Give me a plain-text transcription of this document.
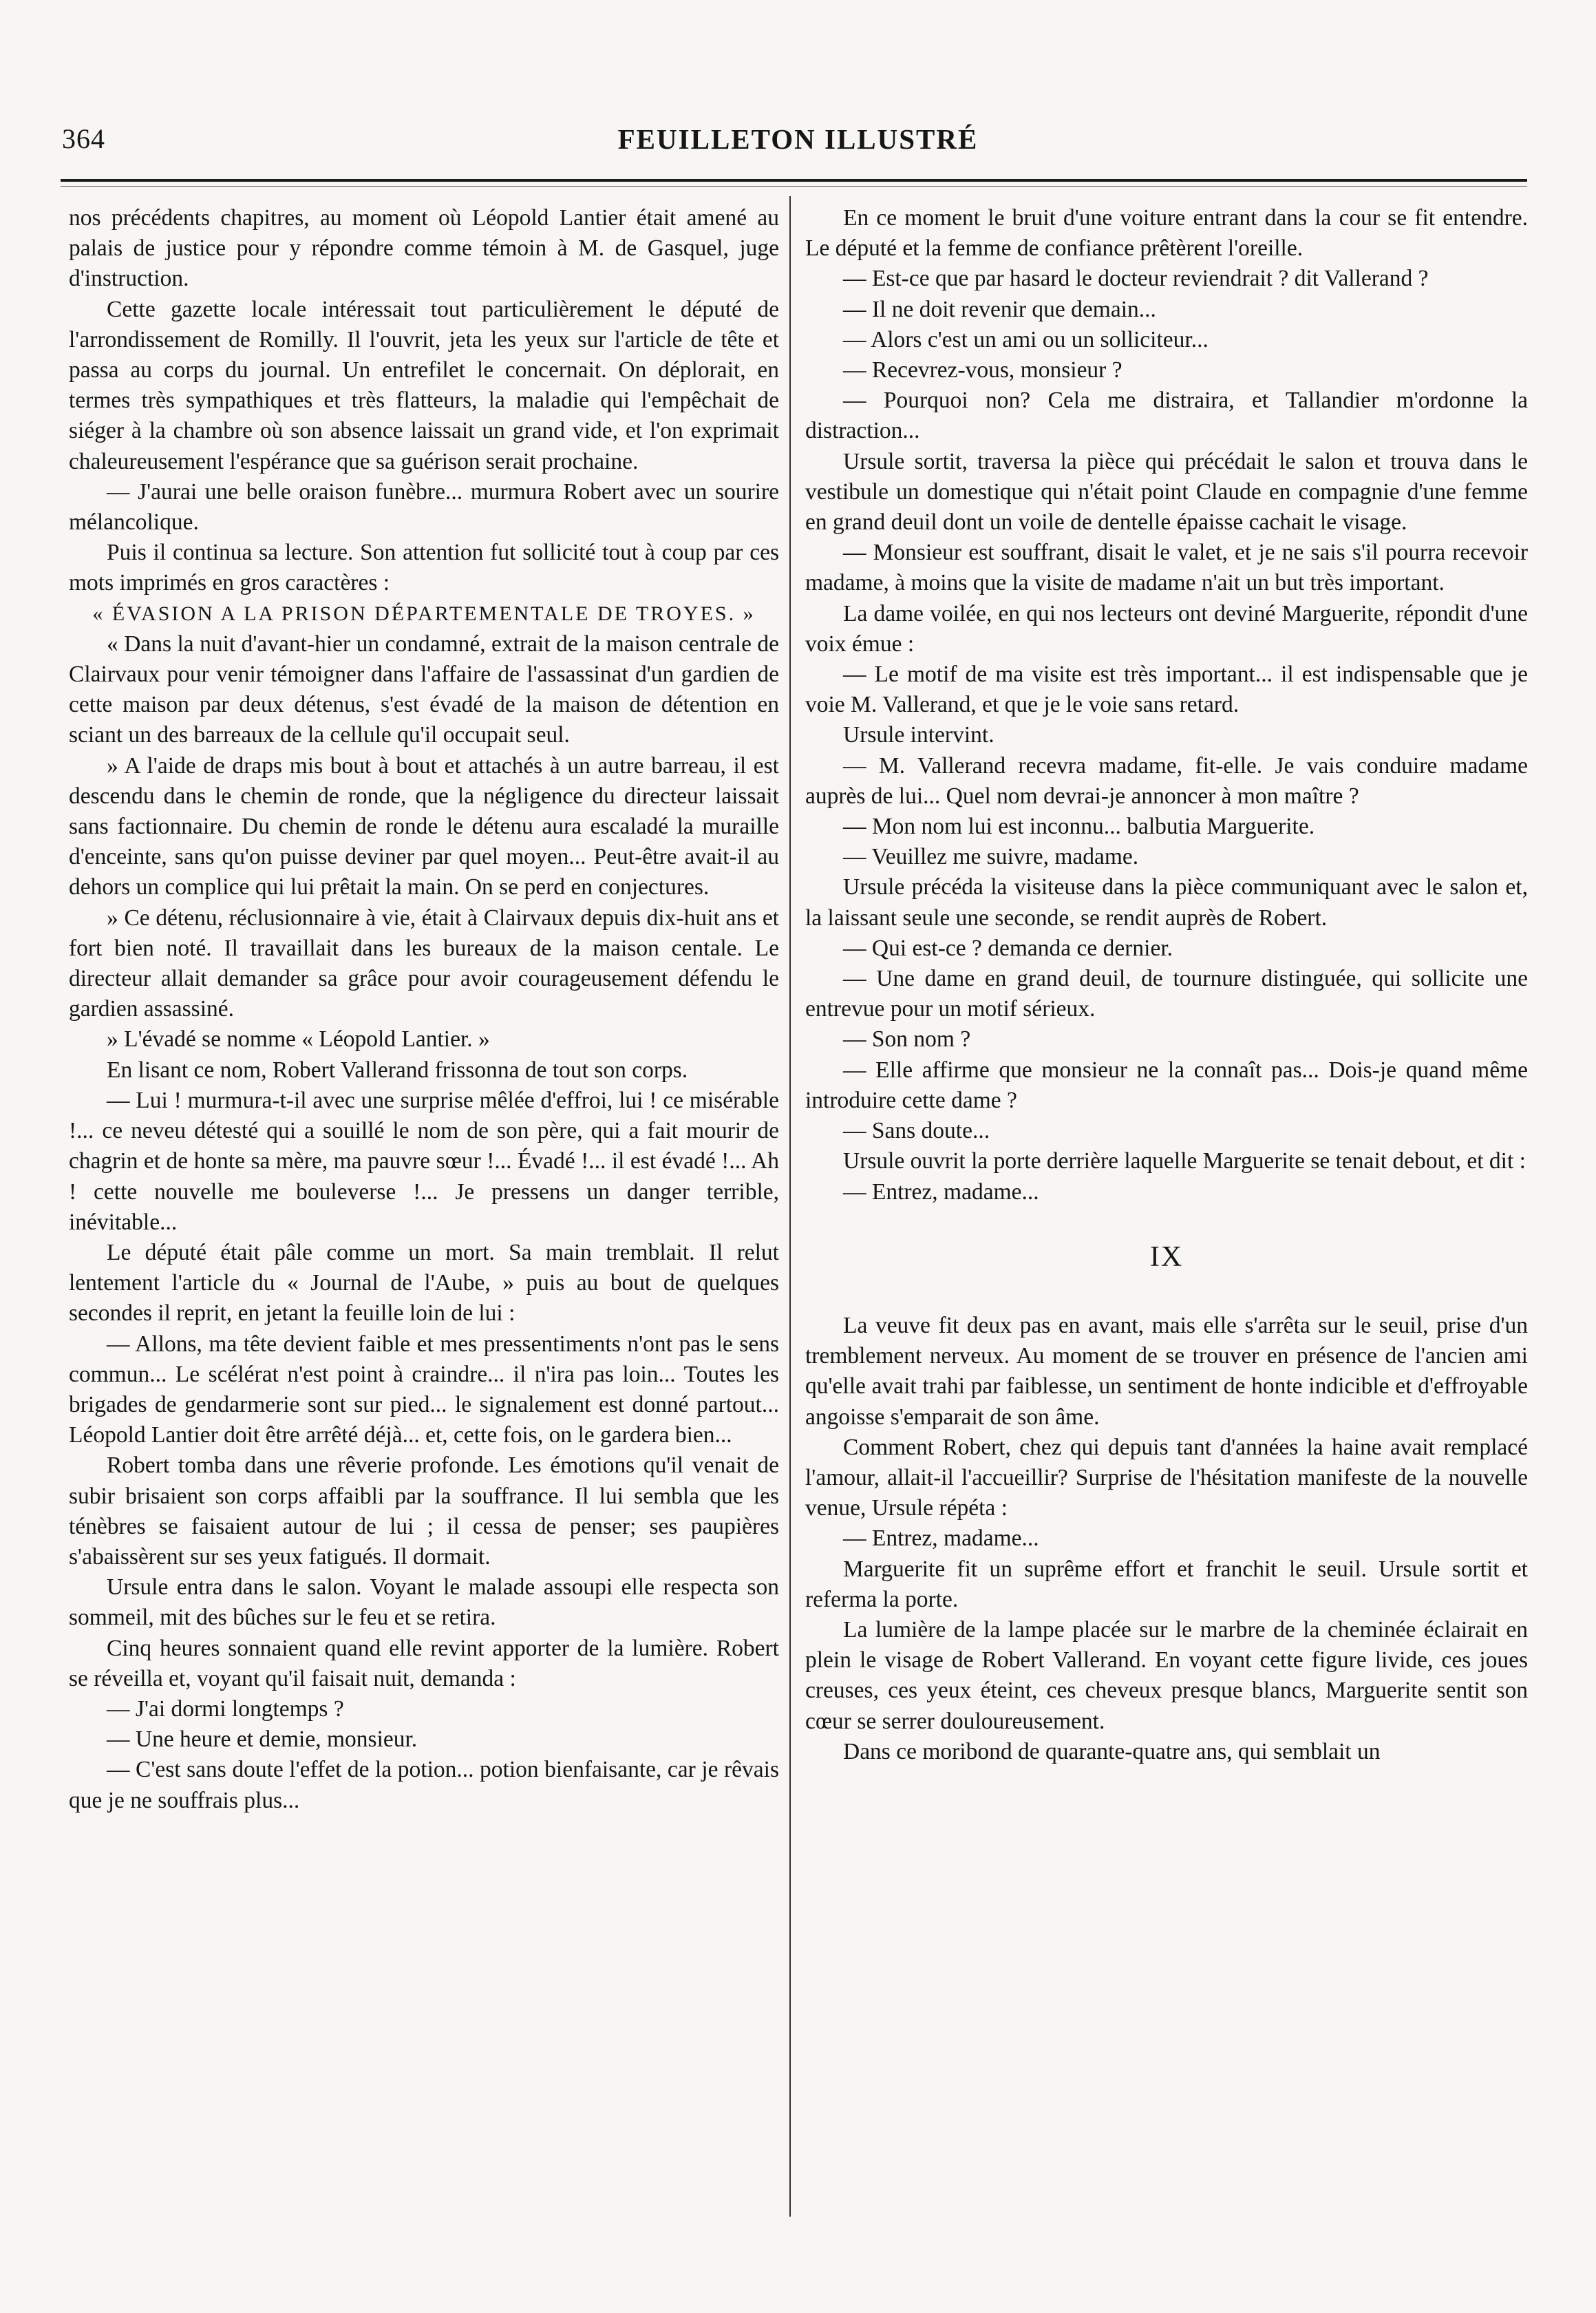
364	FEUILLETON ILLUSTRÉ

nos précédents chapitres, au moment où Léopold Lantier était amené au palais de justice pour y répondre comme témoin à M. de Gasquel, juge d'instruction.

Cette gazette locale intéressait tout particulièrement le député de l'arrondissement de Romilly. Il l'ouvrit, jeta les yeux sur l'article de tête et passa au corps du journal. Un entrefilet le concernait. On déplorait, en termes très sympathiques et très flatteurs, la maladie qui l'empêchait de siéger à la chambre où son absence laissait un grand vide, et l'on exprimait chaleureusement l'espérance que sa guérison serait prochaine.

— J'aurai une belle oraison funèbre... murmura Robert avec un sourire mélancolique.

Puis il continua sa lecture. Son attention fut sollicité tout à coup par ces mots imprimés en gros caractères :

« ÉVASION A LA PRISON DÉPARTEMENTALE DE TROYES. »

« Dans la nuit d'avant-hier un condamné, extrait de la maison centrale de Clairvaux pour venir témoigner dans l'affaire de l'assassinat d'un gardien de cette maison par deux détenus, s'est évadé de la maison de détention en sciant un des barreaux de la cellule qu'il occupait seul.

» A l'aide de draps mis bout à bout et attachés à un autre barreau, il est descendu dans le chemin de ronde, que la négligence du directeur laissait sans factionnaire. Du chemin de ronde le détenu aura escaladé la muraille d'enceinte, sans qu'on puisse deviner par quel moyen... Peut-être avait-il au dehors un complice qui lui prêtait la main. On se perd en conjectures.

» Ce détenu, réclusionnaire à vie, était à Clairvaux depuis dix-huit ans et fort bien noté. Il travaillait dans les bureaux de la maison centale. Le directeur allait demander sa grâce pour avoir courageusement défendu le gardien assassiné.

» L'évadé se nomme « Léopold Lantier. »

En lisant ce nom, Robert Vallerand frissonna de tout son corps.

— Lui ! murmura-t-il avec une surprise mêlée d'effroi, lui ! ce misérable !... ce neveu détesté qui a souillé le nom de son père, qui a fait mourir de chagrin et de honte sa mère, ma pauvre sœur !... Évadé !... il est évadé !... Ah ! cette nouvelle me bouleverse !... Je pressens un danger terrible, inévitable...

Le député était pâle comme un mort. Sa main tremblait. Il relut lentement l'article du « Journal de l'Aube, » puis au bout de quelques secondes il reprit, en jetant la feuille loin de lui :

— Allons, ma tête devient faible et mes pressentiments n'ont pas le sens commun... Le scélérat n'est point à craindre... il n'ira pas loin... Toutes les brigades de gendarmerie sont sur pied... le signalement est donné partout... Léopold Lantier doit être arrêté déjà... et, cette fois, on le gardera bien...

Robert tomba dans une rêverie profonde. Les émotions qu'il venait de subir brisaient son corps affaibli par la souffrance. Il lui sembla que les ténèbres se faisaient autour de lui ; il cessa de penser; ses paupières s'abaissèrent sur ses yeux fatigués. Il dormait.

Ursule entra dans le salon. Voyant le malade assoupi elle respecta son sommeil, mit des bûches sur le feu et se retira.

Cinq heures sonnaient quand elle revint apporter de la lumière. Robert se réveilla et, voyant qu'il faisait nuit, demanda :

— J'ai dormi longtemps ?

— Une heure et demie, monsieur.

— C'est sans doute l'effet de la potion... potion bienfaisante, car je rêvais que je ne souffrais plus...

En ce moment le bruit d'une voiture entrant dans la cour se fit entendre. Le député et la femme de confiance prêtèrent l'oreille.

— Est-ce que par hasard le docteur reviendrait ? dit Vallerand ?

— Il ne doit revenir que demain...

— Alors c'est un ami ou un solliciteur...

— Recevrez-vous, monsieur ?

— Pourquoi non? Cela me distraira, et Tallandier m'ordonne la distraction...

Ursule sortit, traversa la pièce qui précédait le salon et trouva dans le vestibule un domestique qui n'était point Claude en compagnie d'une femme en grand deuil dont un voile de dentelle épaisse cachait le visage.

— Monsieur est souffrant, disait le valet, et je ne sais s'il pourra recevoir madame, à moins que la visite de madame n'ait un but très important.

La dame voilée, en qui nos lecteurs ont deviné Marguerite, répondit d'une voix émue :

— Le motif de ma visite est très important... il est indispensable que je voie M. Vallerand, et que je le voie sans retard.

Ursule intervint.

— M. Vallerand recevra madame, fit-elle. Je vais conduire madame auprès de lui... Quel nom devrai-je annoncer à mon maître ?

— Mon nom lui est inconnu... balbutia Marguerite.

— Veuillez me suivre, madame.

Ursule précéda la visiteuse dans la pièce communiquant avec le salon et, la laissant seule une seconde, se rendit auprès de Robert.

— Qui est-ce ? demanda ce dernier.

— Une dame en grand deuil, de tournure distinguée, qui sollicite une entrevue pour un motif sérieux.

— Son nom ?

— Elle affirme que monsieur ne la connaît pas... Dois-je quand même introduire cette dame ?

— Sans doute...

Ursule ouvrit la porte derrière laquelle Marguerite se tenait debout, et dit :

— Entrez, madame...

IX

La veuve fit deux pas en avant, mais elle s'arrêta sur le seuil, prise d'un tremblement nerveux. Au moment de se trouver en présence de l'ancien ami qu'elle avait trahi par faiblesse, un sentiment de honte indicible et d'effroyable angoisse s'emparait de son âme.

Comment Robert, chez qui depuis tant d'années la haine avait remplacé l'amour, allait-il l'accueillir? Surprise de l'hésitation manifeste de la nouvelle venue, Ursule répéta :

— Entrez, madame...

Marguerite fit un suprême effort et franchit le seuil. Ursule sortit et referma la porte.

La lumière de la lampe placée sur le marbre de la cheminée éclairait en plein le visage de Robert Vallerand. En voyant cette figure livide, ces joues creuses, ces yeux éteint, ces cheveux presque blancs, Marguerite sentit son cœur se serrer douloureusement.

Dans ce moribond de quarante-quatre ans, qui semblait un
